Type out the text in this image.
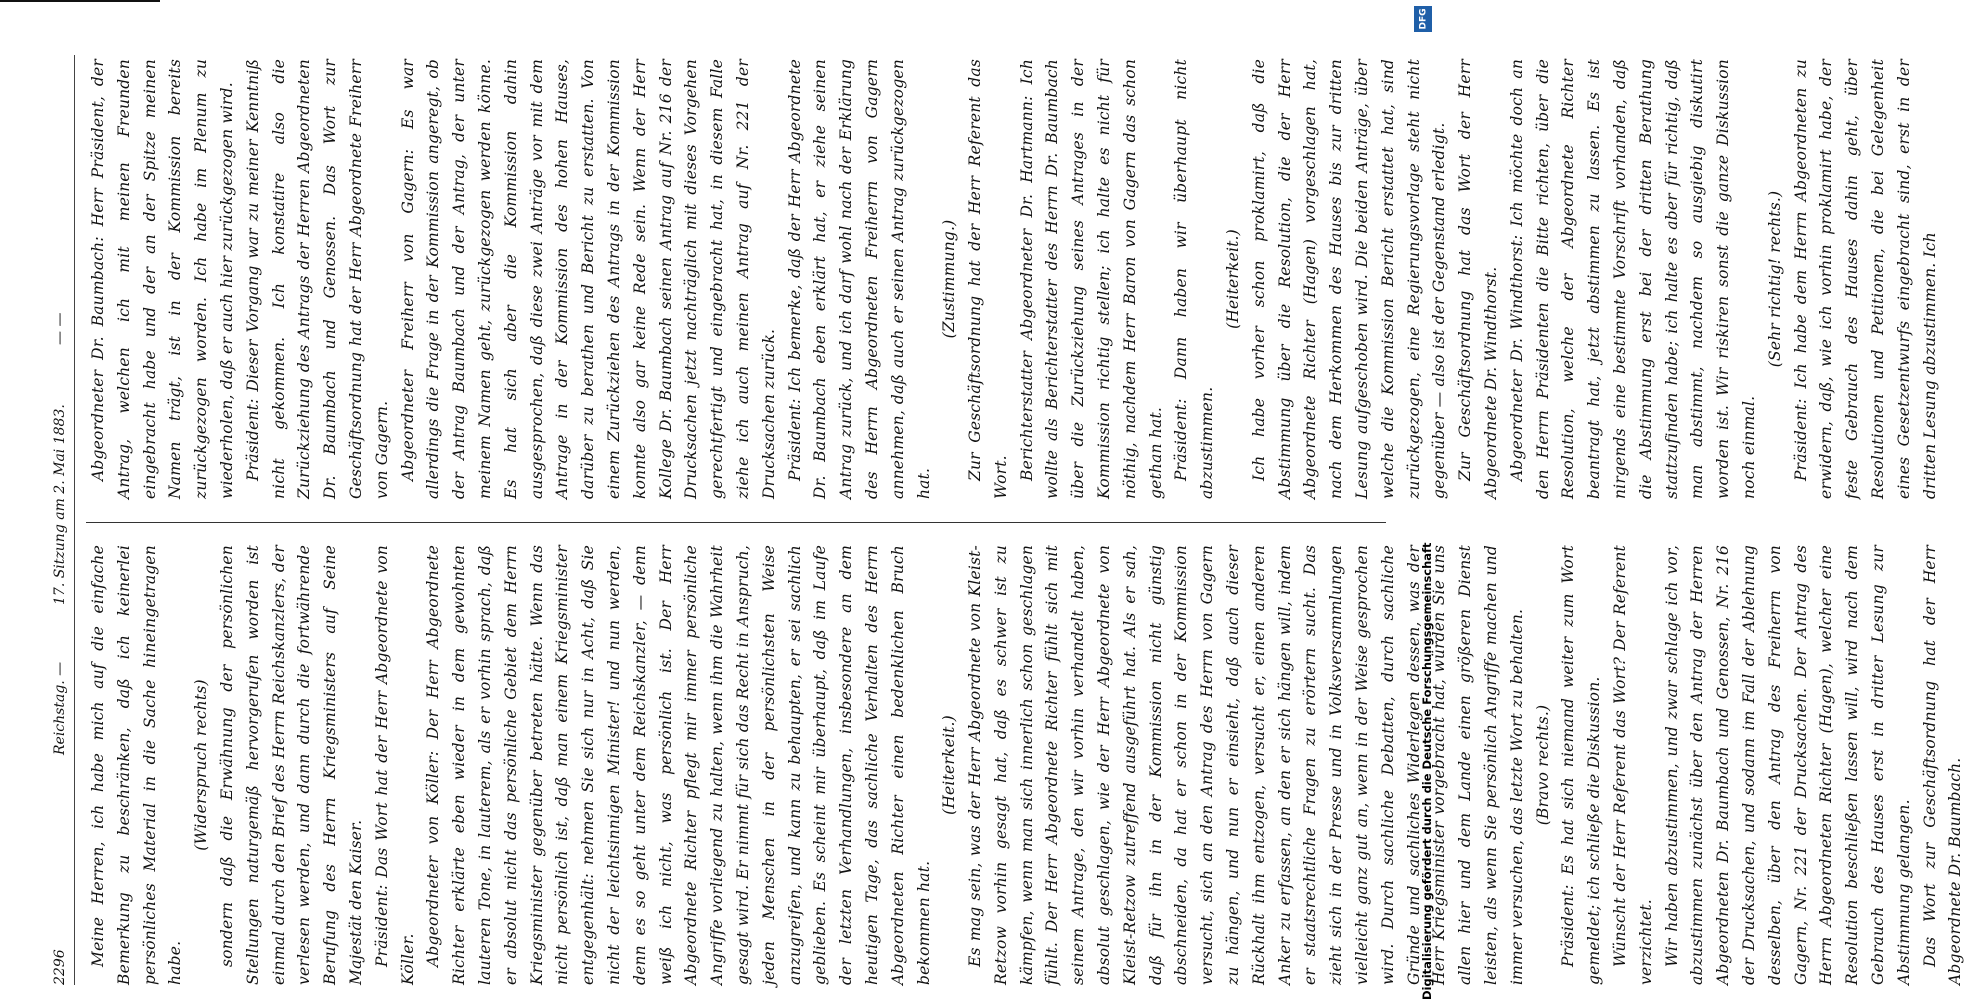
2296
Reichstag. —
17. Sitzung am 2. Mai 1883.
— —

Meine Herren, ich habe mich auf die einfache Bemerkung zu beschränken, daß ich keinerlei persönliches Material in die Sache hineingetragen habe.

(Widerspruch rechts) sondern daß die Erwähnung der persönlichen Stellungen naturgemäß hervorgerufen worden ist einmal durch den Brief des Herrn Reichskanzlers, der verlesen werden, und dann durch die fortwährende Berufung des Herrn Kriegsministers auf Seine Majestät den Kaiser. Präsident: Das Wort hat der Herr Abgeordnete von Köller. Abgeordneter von Köller: Der Herr Abgeordnete Richter erklärte eben wieder in dem gewohnten lauteren Tone, in lauterem, als er vorhin sprach, daß er absolut nicht das persönliche Gebiet dem Herrn Kriegsminister gegenüber betreten hätte. Wenn das nicht persönlich ist, daß man einem Kriegsminister entgegenhält: nehmen Sie sich nur in Acht, daß Sie nicht der leichtsinnigen Minister! und nun werden, denn es so geht unter dem Reichskanzler, — denn weiß ich nicht, was persönlich ist. Der Herr Abgeordnete Richter pflegt mir immer persönliche Angriffe vorliegend zu halten, wenn ihm die Wahrheit gesagt wird. Er nimmt für sich das Recht in Anspruch, jeden Menschen in der persönlichsten Weise anzugreifen, und kann zu behaupten, er sei sachlich geblieben. Es scheint mir überhaupt, daß im Laufe der letzten Verhandlungen, insbesondere an dem heutigen Tage, das sachliche Verhalten des Herrn Abgeordneten Richter einen bedenklichen Bruch bekommen hat.

(Heiterkeit.) Es mag sein, was der Herr Abgeordnete von Kleist-Retzow vorhin gesagt hat, daß es schwer ist zu kämpfen, wenn man sich innerlich schon geschlagen fühlt. Der Herr Abgeordnete Richter fühlt sich mit seinem Antrage, den wir vorhin verhandelt haben, absolut geschlagen, wie der Herr Abgeordnete von Kleist-Retzow zutreffend ausgeführt hat. Als er sah, daß für ihn in der Kommission nicht günstig abschneiden, da hat er schon in der Kommission versucht, sich an den Antrag des Herrn von Gagern zu hängen, und nun er einsieht, daß auch dieser Rückhalt ihm entzogen, versucht er, einen anderen Anker zu erfassen, an den er sich hängen will, indem er staatsrechtliche Fragen zu erörtern sucht. Das zieht sich in der Presse und in Volksversammlungen vielleicht ganz gut an, wenn in der Weise gesprochen wird. Durch sachliche Debatten, durch sachliche Gründe und sachliches Widerlegen dessen, was der Herr Kriegsminister vorgebracht hat, würden Sie uns allen hier und dem Lande einen größeren Dienst leisten, als wenn Sie persönlich Angriffe machen und immer versuchen, das letzte Wort zu behalten. (Bravo rechts.) Präsident: Es hat sich niemand weiter zum Wort gemeldet; ich schließe die Diskussion. Wünscht der Herr Referent das Wort? Der Referent verzichtet. Wir haben abzustimmen, und zwar schlage ich vor, abzustimmen zunächst über den Antrag der Herren Abgeordneten Dr. Baumbach und Genossen, Nr. 216 der Drucksachen, und sodann im Fall der Ablehnung desselben, über den Antrag des Freiherrn von Gagern, Nr. 221 der Drucksachen. Der Antrag des Herrn Abgeordneten Richter (Hagen), welcher eine Resolution beschließen lassen will, wird nach dem Gebrauch des Hauses erst in dritter Lesung zur Abstimmung gelangen. Das Wort zur Geschäftsordnung hat der Herr Abgeordnete Dr. Baumbach.

Abgeordneter Dr. Baumbach: Herr Präsident, der Antrag, welchen ich mit meinen Freunden eingebracht habe und der an der Spitze meinen Namen trägt, ist in der Kommission bereits zurückgezogen worden. Ich habe im Plenum zu wiederholen, daß er auch hier zurückgezogen wird. Präsident: Dieser Vorgang war zu meiner Kenntniß nicht gekommen. Ich konstatire also die Zurückziehung des Antrags der Herren Abgeordneten Dr. Baumbach und Genossen. Das Wort zur Geschäftsordnung hat der Herr Abgeordnete Freiherr von Gagern. Abgeordneter Freiherr von Gagern: Es war allerdings die Frage in der Kommission angeregt, ob der Antrag Baumbach und der Antrag, der unter meinem Namen geht, zurückgezogen werden könne. Es hat sich aber die Kommission dahin ausgesprochen, daß diese zwei Anträge vor mit dem Antrage in der Kommission des hohen Hauses, darüber zu berathen und Bericht zu erstatten. Von einem Zurückziehen des Antrags in der Kommission konnte also gar keine Rede sein. Wenn der Herr Kollege Dr. Baumbach seinen Antrag auf Nr. 216 der Drucksachen jetzt nachträglich mit dieses Vorgehen gerechtfertigt und eingebracht hat, in diesem Falle ziehe ich auch meinen Antrag auf Nr. 221 der Drucksachen zurück. Präsident: Ich bemerke, daß der Herr Abgeordnete Dr. Baumbach eben erklärt hat, er ziehe seinen Antrag zurück, und ich darf wohl nach der Erklärung des Herrn Abgeordneten Freiherrn von Gagern annehmen, daß auch er seinen Antrag zurückgezogen hat.

(Zustimmung.) Zur Geschäftsordnung hat der Herr Referent das Wort. Berichterstatter Abgeordneter Dr. Hartmann: Ich wollte als Berichterstatter des Herrn Dr. Baumbach über die Zurückziehung seines Antrages in der Kommission richtig stellen; ich halte es nicht für nöthig, nachdem Herr Baron von Gagern das schon gethan hat. Präsident: Dann haben wir überhaupt nicht abzustimmen.

(Heiterkeit.) Ich habe vorher schon proklamirt, daß die Abstimmung über die Resolution, die der Herr Abgeordnete Richter (Hagen) vorgeschlagen hat, nach dem Herkommen des Hauses bis zur dritten Lesung aufgeschoben wird. Die beiden Anträge, über welche die Kommission Bericht erstattet hat, sind zurückgezogen, eine Regierungsvorlage steht nicht gegenüber — also ist der Gegenstand erledigt. Zur Geschäftsordnung hat das Wort der Herr Abgeordnete Dr. Windthorst. Abgeordneter Dr. Windthorst: Ich möchte doch an den Herrn Präsidenten die Bitte richten, über die Resolution, welche der Abgeordnete Richter beantragt hat, jetzt abstimmen zu lassen. Es ist nirgends eine bestimmte Vorschrift vorhanden, daß die Abstimmung erst bei der dritten Berathung stattzufinden habe; ich halte es aber für richtig, daß man abstimmt, nachdem so ausgiebig diskutirt worden ist. Wir riskiren sonst die ganze Diskussion noch einmal.

(Sehr richtig! rechts.) Präsident: Ich habe dem Herrn Abgeordneten zu erwidern, daß, wie ich vorhin proklamirt habe, der feste Gebrauch des Hauses dahin geht, über Resolutionen und Petitionen, die bei Gelegenheit eines Gesetzentwurfs eingebracht sind, erst in der dritten Lesung abzustimmen. Ich

Digitalisierung gefördert durch die Deutsche Forschungsgemeinschaft
DFG
